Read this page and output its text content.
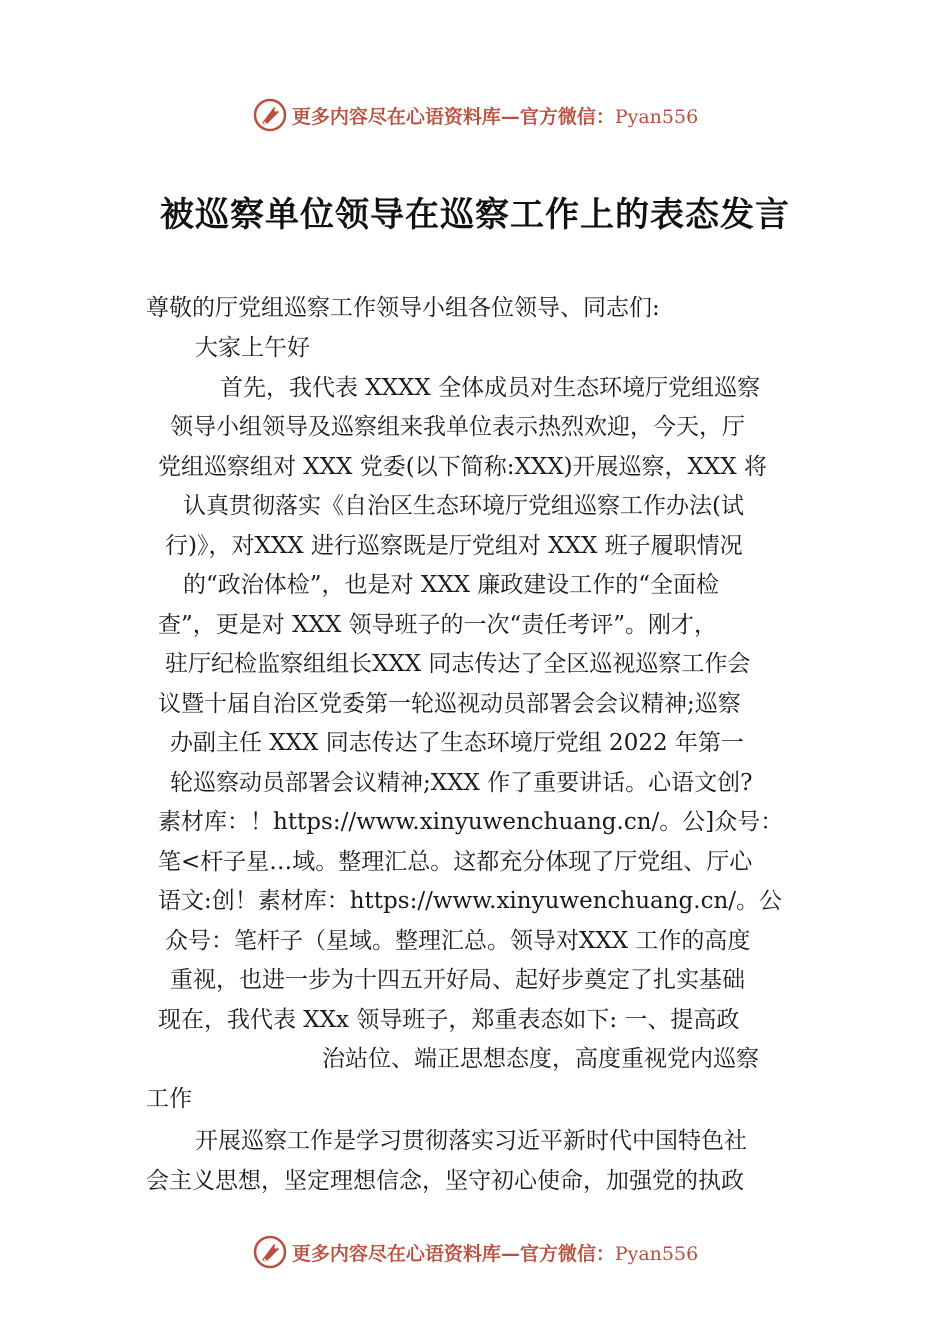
更多内容尽在心语资料库—官方微信：Pyan556
被巡察单位领导在巡察工作上的表态发言
尊敬的厅党组巡察工作领导小组各位领导、同志们:
大家上午好
首先，我代表 XXXX 全体成员对生态环境厅党组巡察
领导小组领导及巡察组来我单位表示热烈欢迎，今天，厅
党组巡察组对 XXX 党委(以下简称:XXX)开展巡察，XXX 将
认真贯彻落实《自治区生态环境厅党组巡察工作办法(试
行)》，对XXX 进行巡察既是厅党组对 XXX 班子履职情况
的“政治体检”，也是对 XXX 廉政建设工作的“全面检
查”，更是对 XXX 领导班子的一次“责任考评”。刚才，
驻厅纪检监察组组长XXX 同志传达了全区巡视巡察工作会
议暨十届自治区党委第一轮巡视动员部署会会议精神;巡察
办副主任 XXX 同志传达了生态环境厅党组 2022 年第一
轮巡察动员部署会议精神;XXX 作了重要讲话。心语文创?
素材库：！https://www.xinyuwenchuang.cn/。公]众号：
笔<杆子星…域。整理汇总。这都充分体现了厅党组、厅心
语文:创！素材库：https://www.xinyuwenchuang.cn/。公
众号：笔杆子（星域。整理汇总。领导对XXX 工作的高度
重视，也进一步为十四五开好局、起好步奠定了扎实基础
现在，我代表 XXx 领导班子，郑重表态如下: 一、提高政
治站位、端正思想态度，高度重视党内巡察
工作
开展巡察工作是学习贯彻落实习近平新时代中国特色社
会主义思想，坚定理想信念，坚守初心使命，加强党的执政
更多内容尽在心语资料库—官方微信：Pyan556
